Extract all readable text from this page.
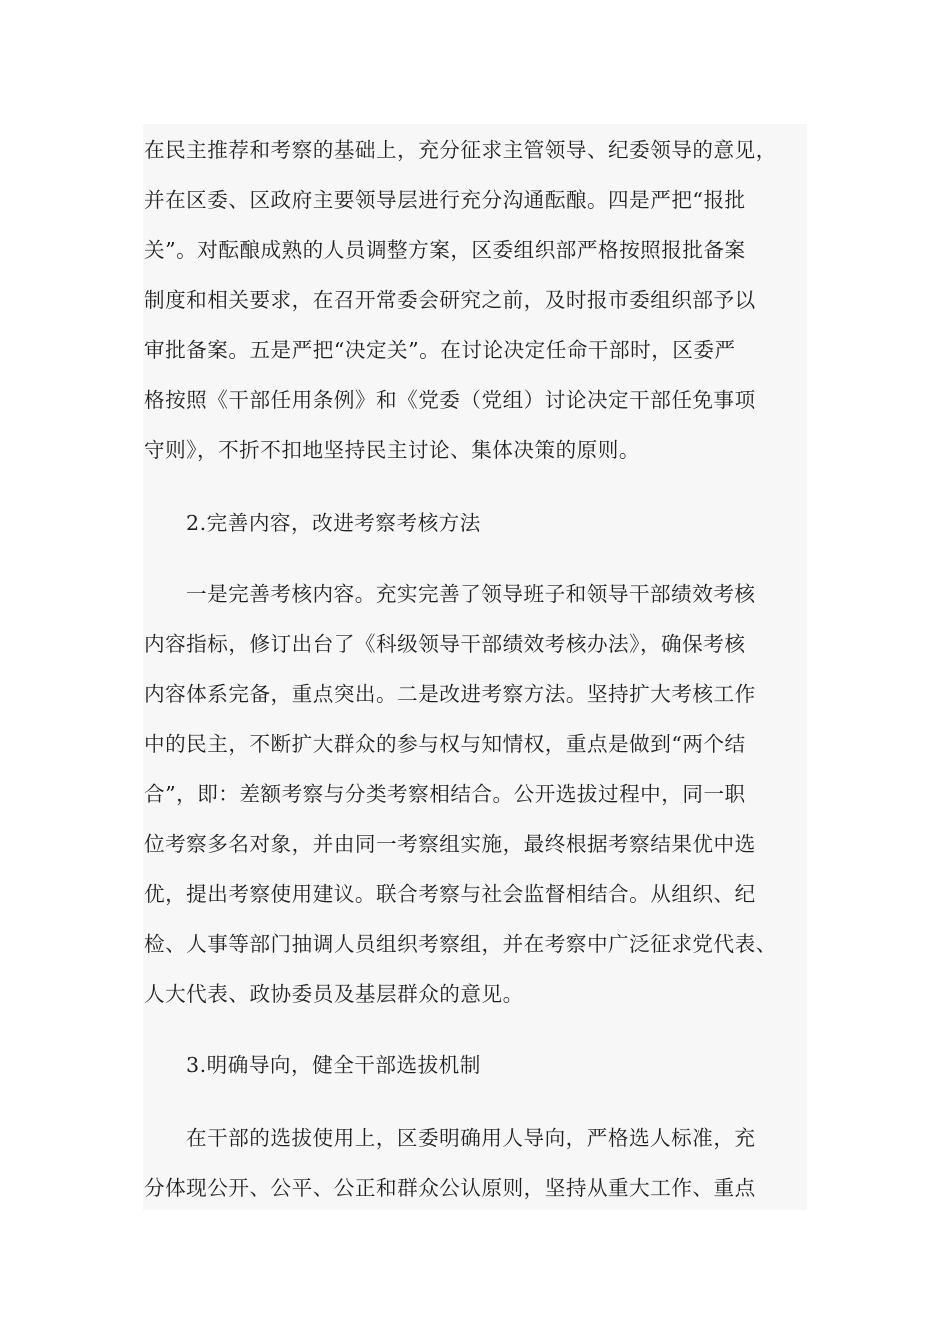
在民主推荐和考察的基础上，充分征求主管领导、纪委领导的意见，
并在区委、区政府主要领导层进行充分沟通酝酿。四是严把“报批
关”。对酝酿成熟的人员调整方案，区委组织部严格按照报批备案
制度和相关要求，在召开常委会研究之前，及时报市委组织部予以
审批备案。五是严把“决定关”。在讨论决定任命干部时，区委严
格按照《干部任用条例》和《党委（党组）讨论决定干部任免事项
守则》，不折不扣地坚持民主讨论、集体决策的原则。
2.完善内容，改进考察考核方法
一是完善考核内容。充实完善了领导班子和领导干部绩效考核
内容指标，修订出台了《科级领导干部绩效考核办法》，确保考核
内容体系完备，重点突出。二是改进考察方法。坚持扩大考核工作
中的民主，不断扩大群众的参与权与知情权，重点是做到“两个结
合”，即：差额考察与分类考察相结合。公开选拔过程中，同一职
位考察多名对象，并由同一考察组实施，最终根据考察结果优中选
优，提出考察使用建议。联合考察与社会监督相结合。从组织、纪
检、人事等部门抽调人员组织考察组，并在考察中广泛征求党代表、
人大代表、政协委员及基层群众的意见。
3.明确导向，健全干部选拔机制
在干部的选拔使用上，区委明确用人导向，严格选人标准，充
分体现公开、公平、公正和群众公认原则，坚持从重大工作、重点
